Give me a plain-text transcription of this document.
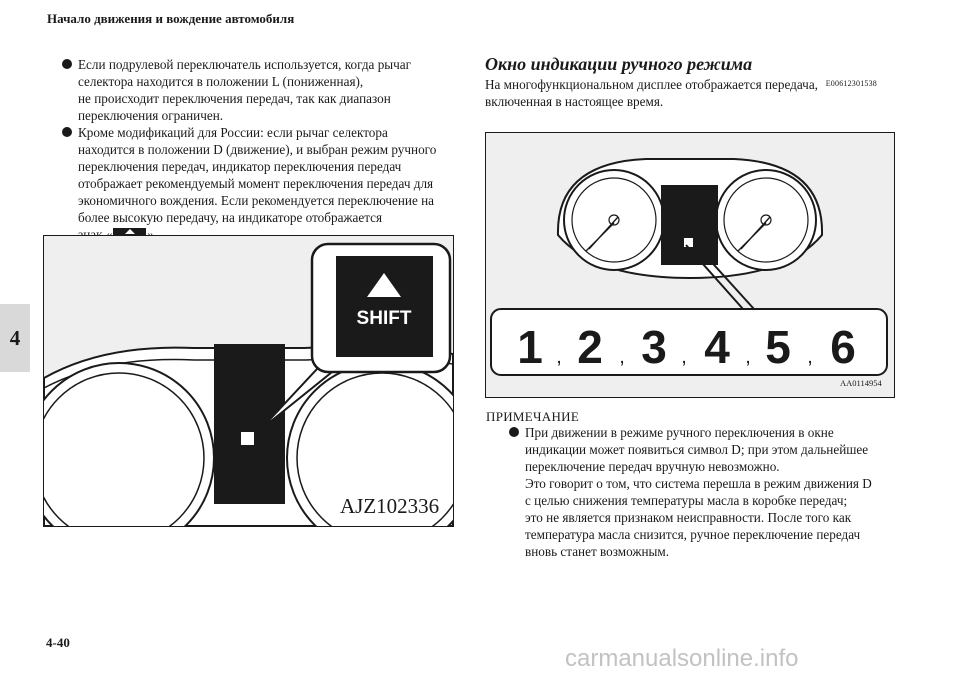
Начало движения и вождение автомобиля
4
4-40
carmanualsonline.info
Если подрулевой переключатель используется, когда рычаг
селектора находится в положении L (пониженная),
не происходит переключения передач, так как диапазон
переключения ограничен.
Кроме модификаций для России: если рычаг селектора
находится в положении D (движение), и выбран режим ручного
переключения передач, индикатор переключения передач
отображает рекомендуемый момент переключения передач для
экономичного вождения. Если рекомендуется переключение на
более высокую передачу, на индикаторе отображается
SHIFT
AJZ102336
Окно индикации ручного режима
E00612301538
На многофункциональном дисплее отображается передача,
включенная в настоящее время.
1 , 2 , 3 , 4 , 5 , 6
AA0114954
ПРИМЕЧАНИЕ
При движении в режиме ручного переключения в окне
индикации может появиться символ D; при этом дальнейшее
переключение передач вручную невозможно.
Это говорит о том, что система перешла в режим движения D
с целью снижения температуры масла в коробке передач;
это не является признаком неисправности. После того как
температура масла снизится, ручное переключение передач
вновь станет возможным.
